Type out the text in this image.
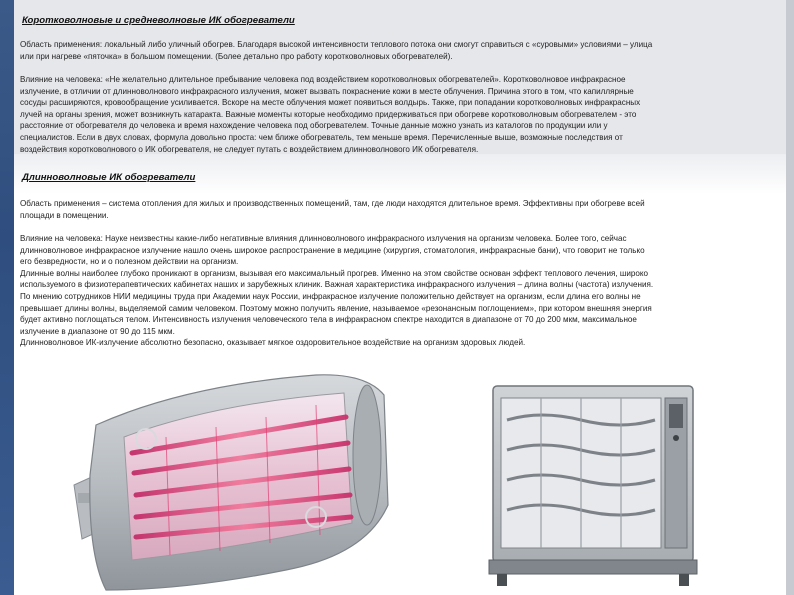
Коротковолновые и средневолновые ИК обогреватели

Область применения: локальный либо уличный обогрев. Благодаря высокой интенсивности теплового потока они смогут справиться с «суровыми» условиями – улица
или при нагреве «пяточка» в большом помещении. (Более детально про работу коротковолновых обогревателей).

Влияние на человека: «Не желательно длительное пребывание человека под воздействием коротковолновых обогревателей». Коротковолновое инфракрасное
излучение, в отличии от длинноволнового инфракрасного излучения, может вызвать покраснение кожи в месте облучения. Причина этого в том, что капиллярные
сосуды расширяются, кровообращение усиливается. Вскоре на месте облучения может появиться волдырь. Также, при попадании коротковолновых инфракрасных
лучей на органы зрения, может возникнуть катаракта. Важные моменты которые необходимо придерживаться при обогреве коротковолновым обогревателем - это
расстояние от обогревателя до человека и время нахождение человека под обогревателем. Точные данные можно узнать из каталогов по продукции или у
специалистов. Если в двух словах, формула довольно проста: чем ближе обогреватель, тем меньше время. Перечисленные выше, возможные последствия от
воздействия коротковолнового о ИК обогревателя, не следует путать с воздействием длинноволнового ИК обогревателя.

Длинноволновые ИК обогреватели

Область применения – система отопления для жилых и производственных помещений, там, где люди находятся длительное время. Эффективны при обогреве всей
площади в помещении.

Влияние на человека: Науке неизвестны какие-либо негативные влияния длинноволнового инфракрасного излучения на организм человека. Более того, сейчас
длинноволновое инфракрасное излучение нашло очень широкое распространение в медицине (хирургия, стоматология, инфракрасные бани), что говорит не только
его безвредности, но и о полезном действии на организм.
Длинные волны наиболее глубоко проникают в организм, вызывая его максимальный прогрев. Именно на этом свойстве основан эффект теплового лечения, широко
используемого в физиотерапевтических кабинетах наших и зарубежных клиник. Важная характеристика инфракрасного излучения – длина волны (частота) излучения.
По мнению сотрудников НИИ медицины труда при Академии наук России, инфракрасное излучение положительно действует на организм, если длина его волны не
превышает длины волны, выделяемой самим человеком. Поэтому можно получить явление, называемое «резонансным поглощением», при котором внешняя энергия
будет активно поглощаться телом. Интенсивность излучения человеческого тела в инфракрасном спектре находится в диапазоне от 70 до 200 мкм, максимальное
излучение в диапазоне от 90 до 115 мкм.
Длинноволновое ИК-излучение абсолютно безопасно, оказывает мягкое оздоровительное воздействие на организм здоровых людей.
